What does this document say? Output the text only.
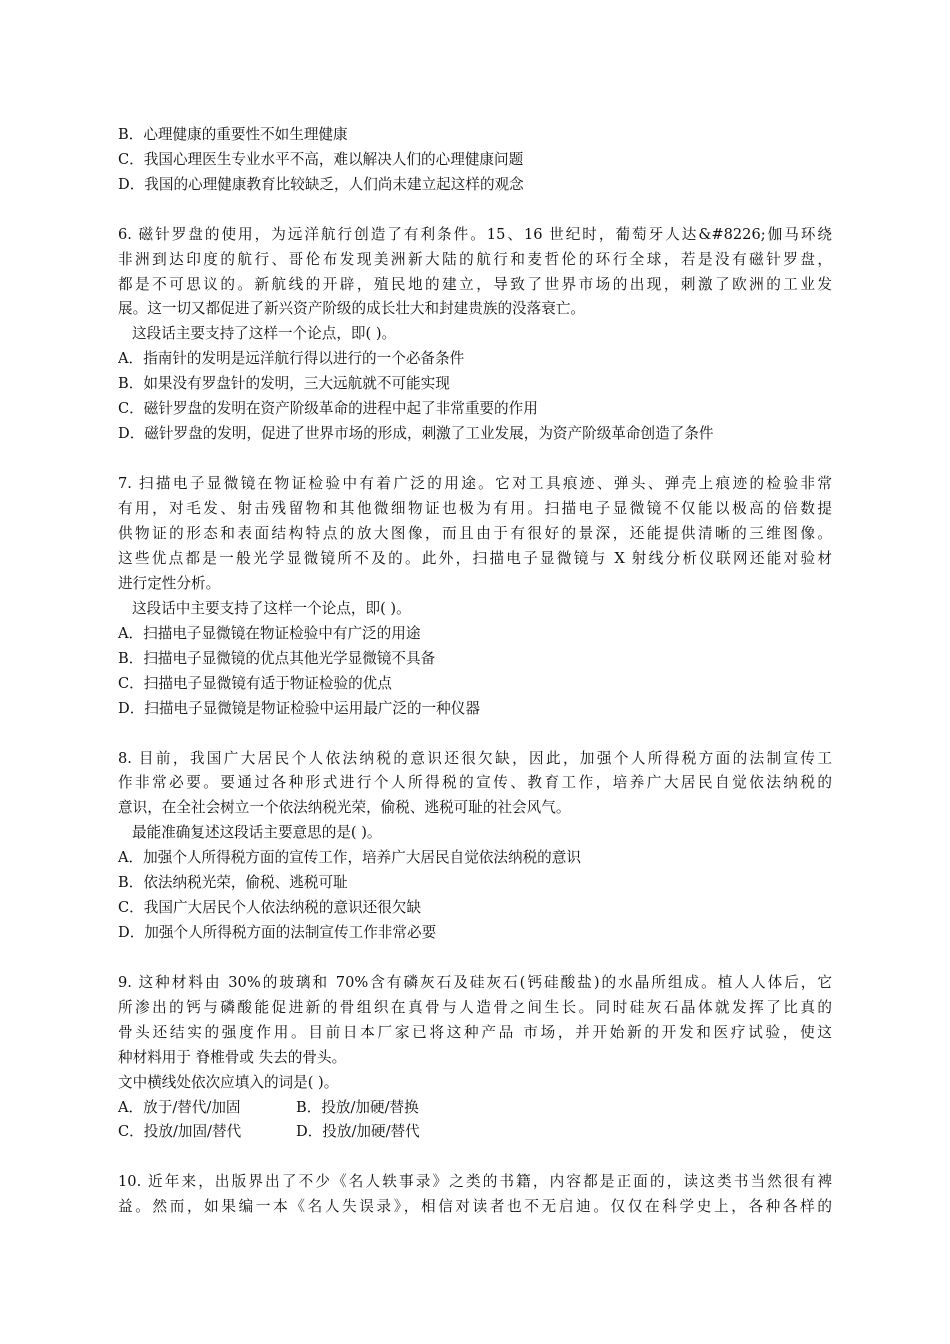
B．心理健康的重要性不如生理健康
C．我国心理医生专业水平不高，难以解决人们的心理健康问题
D．我国的心理健康教育比较缺乏，人们尚未建立起这样的观念
6. 磁针罗盘的使用，为远洋航行创造了有利条件。15、16 世纪时，葡萄牙人达&#8226;伽马环绕
非洲到达印度的航行、哥伦布发现美洲新大陆的航行和麦哲伦的环行全球，若是没有磁针罗盘，
都是不可思议的。新航线的开辟，殖民地的建立，导致了世界市场的出现，刺激了欧洲的工业发
展。这一切又都促进了新兴资产阶级的成长壮大和封建贵族的没落衰亡。
这段话主要支持了这样一个论点，即( )。
A．指南针的发明是远洋航行得以进行的一个必备条件
B．如果没有罗盘针的发明，三大远航就不可能实现
C．磁针罗盘的发明在资产阶级革命的进程中起了非常重要的作用
D．磁针罗盘的发明，促进了世界市场的形成，刺激了工业发展，为资产阶级革命创造了条件
7. 扫描电子显微镜在物证检验中有着广泛的用途。它对工具痕迹、弹头、弹壳上痕迹的检验非常
有用，对毛发、射击残留物和其他微细物证也极为有用。扫描电子显微镜不仅能以极高的倍数提
供物证的形态和表面结构特点的放大图像，而且由于有很好的景深，还能提供清晰的三维图像。
这些优点都是一般光学显微镜所不及的。此外，扫描电子显微镜与 X 射线分析仪联网还能对验材
进行定性分析。
这段话中主要支持了这样一个论点，即( )。
A．扫描电子显微镜在物证检验中有广泛的用途
B．扫描电子显微镜的优点其他光学显微镜不具备
C．扫描电子显微镜有适于物证检验的优点
D．扫描电子显微镜是物证检验中运用最广泛的一种仪器
8. 目前，我国广大居民个人依法纳税的意识还很欠缺，因此，加强个人所得税方面的法制宣传工
作非常必要。要通过各种形式进行个人所得税的宣传、教育工作，培养广大居民自觉依法纳税的
意识，在全社会树立一个依法纳税光荣，偷税、逃税可耻的社会风气。
最能准确复述这段话主要意思的是( )。
A．加强个人所得税方面的宣传工作，培养广大居民自觉依法纳税的意识
B．依法纳税光荣，偷税、逃税可耻
C．我国广大居民个人依法纳税的意识还很欠缺
D．加强个人所得税方面的法制宣传工作非常必要
9. 这种材料由 30%的玻璃和 70%含有磷灰石及硅灰石(钙硅酸盐)的水晶所组成。植人人体后，它
所渗出的钙与磷酸能促进新的骨组织在真骨与人造骨之间生长。同时硅灰石晶体就发挥了比真的
骨头还结实的强度作用。目前日本厂家已将这种产品 市场，并开始新的开发和医疗试验，使这
种材料用于 脊椎骨或 失去的骨头。
文中横线处依次应填入的词是( )。
A．放于/替代/加固	B．投放/加硬/替换
C．投放/加固/替代	D．投放/加硬/替代
10. 近年来，出版界出了不少《名人轶事录》之类的书籍，内容都是正面的，读这类书当然很有裨
益。然而，如果编一本《名人失误录》，相信对读者也不无启迪。仅仅在科学史上，各种各样的
